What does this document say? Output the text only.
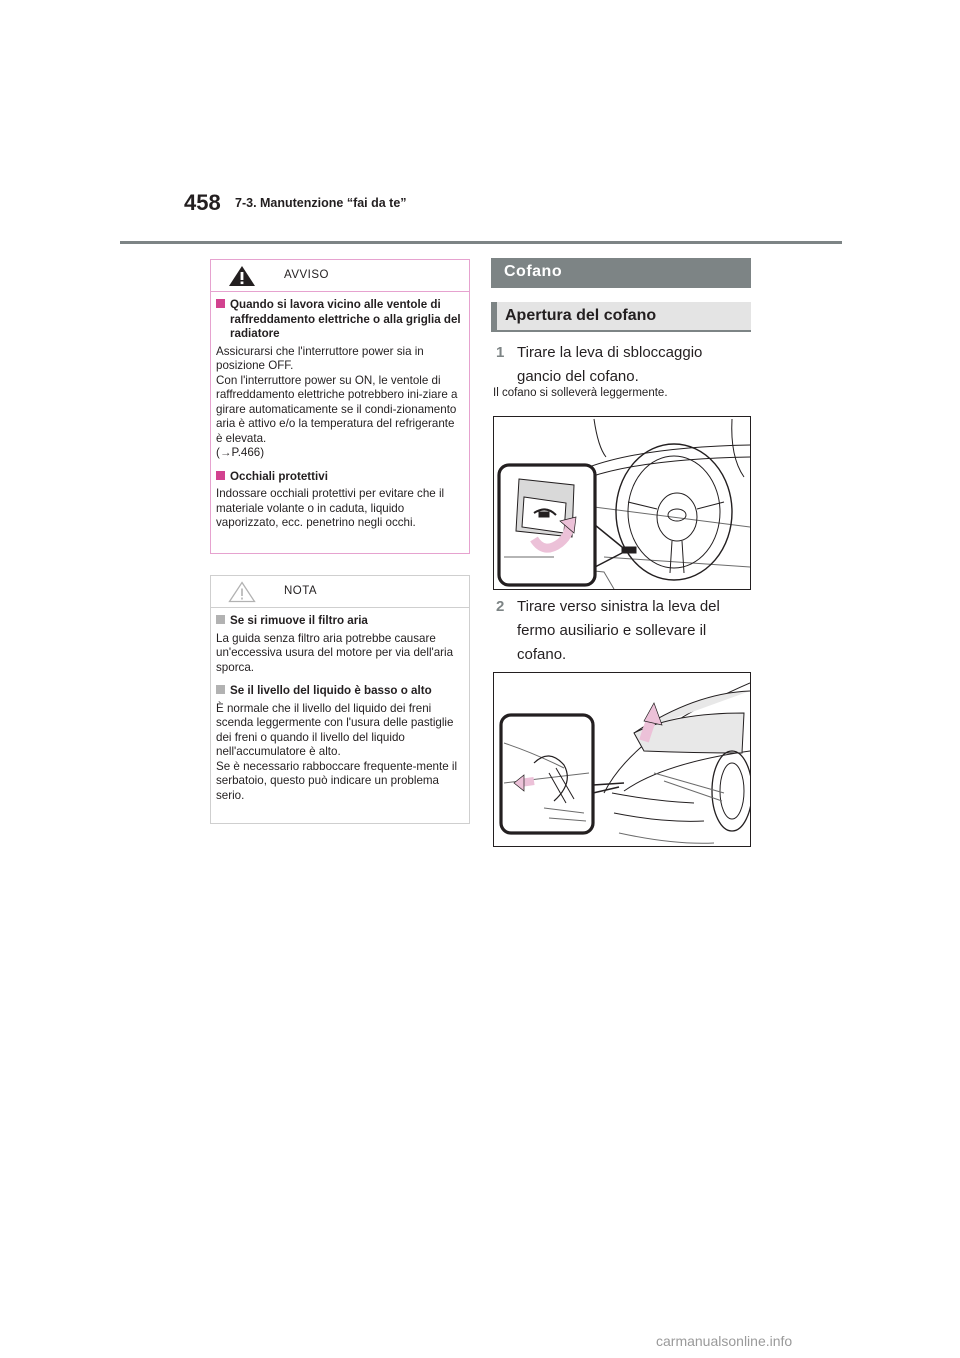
458 7-3. Manutenzione “fai da te”
AVVISO

Quando si lavora vicino alle ventole di raffreddamento elettriche o alla griglia del radiatore

Assicurarsi che l'interruttore power sia in posizione OFF.
Con l'interruttore power su ON, le ventole di raffreddamento elettriche potrebbero ini-ziare a girare automaticamente se il condi-zionamento aria è attivo e/o la temperatura del refrigerante è elevata.
(→P.466)

Occhiali protettivi

Indossare occhiali protettivi per evitare che il materiale volante o in caduta, liquido vaporizzato, ecc. penetrino negli occhi.

NOTA

Se si rimuove il filtro aria

La guida senza filtro aria potrebbe causare un'eccessiva usura del motore per via dell'aria sporca.

Se il livello del liquido è basso o alto

È normale che il livello del liquido dei freni scenda leggermente con l'usura delle pastiglie dei freni o quando il livello del liquido nell'accumulatore è alto.
Se è necessario rabboccare frequente-mente il serbatoio, questo può indicare un problema serio.

Cofano
Apertura del cofano
1 Tirare la leva di sbloccaggio gancio del cofano.
Il cofano si solleverà leggermente.
2 Tirare verso sinistra la leva del fermo ausiliario e sollevare il cofano.
carmanualsonline.info
